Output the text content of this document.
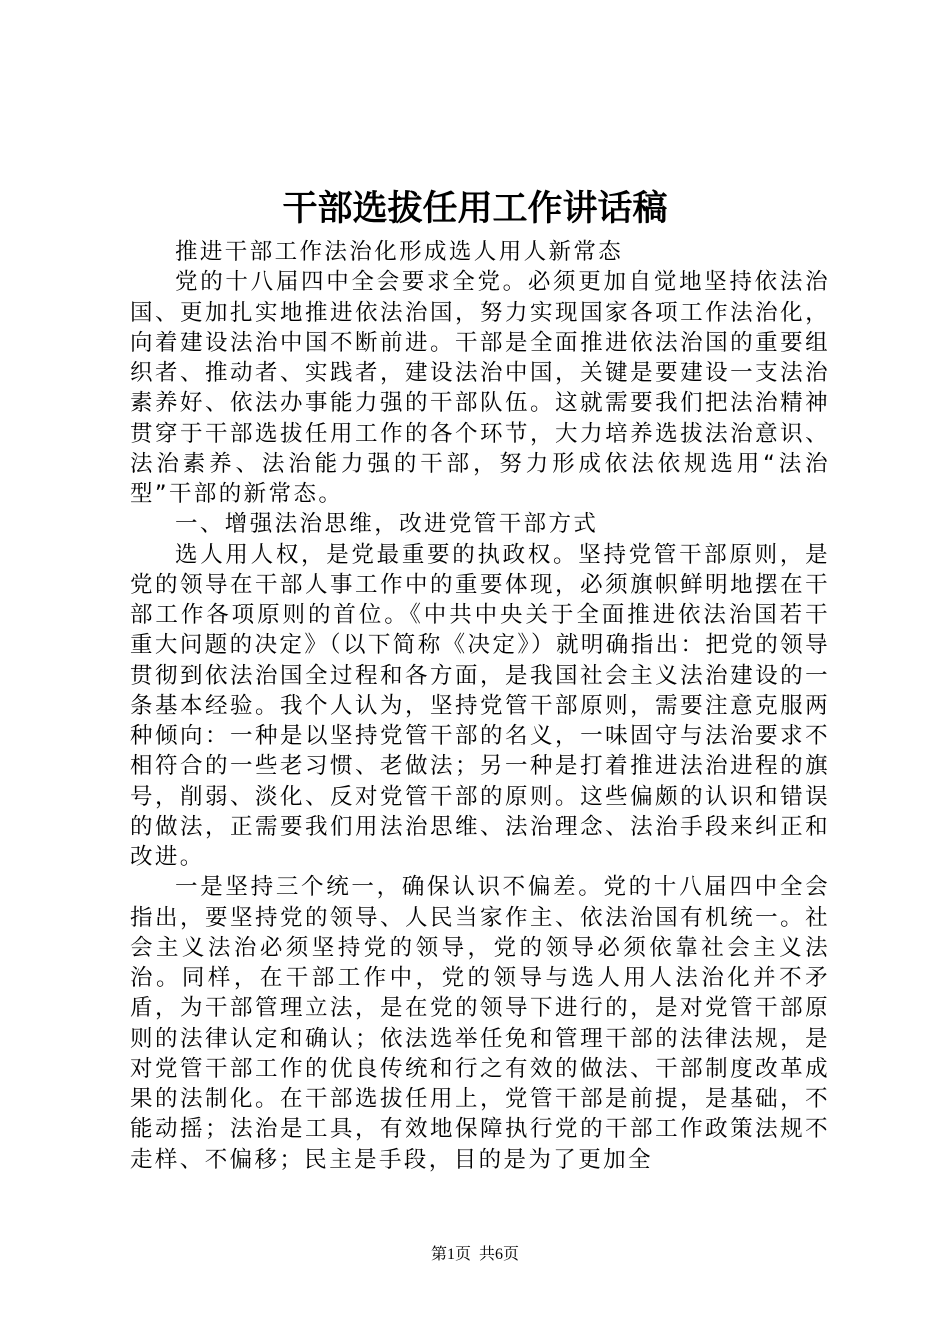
干部选拔任用工作讲话稿

推进干部工作法治化形成选人用人新常态

党的十八届四中全会要求全党。必须更加自觉地坚持依法治国、更加扎实地推进依法治国，努力实现国家各项工作法治化，向着建设法治中国不断前进。干部是全面推进依法治国的重要组织者、推动者、实践者，建设法治中国，关键是要建设一支法治素养好、依法办事能力强的干部队伍。这就需要我们把法治精神贯穿于干部选拔任用工作的各个环节，大力培养选拔法治意识、法治素养、法治能力强的干部，努力形成依法依规选用“法治型”干部的新常态。

一、增强法治思维，改进党管干部方式

选人用人权，是党最重要的执政权。坚持党管干部原则，是党的领导在干部人事工作中的重要体现，必须旗帜鲜明地摆在干部工作各项原则的首位。《中共中央关于全面推进依法治国若干重大问题的决定》（以下简称《决定》）就明确指出：把党的领导贯彻到依法治国全过程和各方面，是我国社会主义法治建设的一条基本经验。我个人认为，坚持党管干部原则，需要注意克服两种倾向：一种是以坚持党管干部的名义，一味固守与法治要求不相符合的一些老习惯、老做法；另一种是打着推进法治进程的旗号，削弱、淡化、反对党管干部的原则。这些偏颇的认识和错误的做法，正需要我们用法治思维、法治理念、法治手段来纠正和改进。

一是坚持三个统一，确保认识不偏差。党的十八届四中全会指出，要坚持党的领导、人民当家作主、依法治国有机统一。社会主义法治必须坚持党的领导，党的领导必须依靠社会主义法治。同样，在干部工作中，党的领导与选人用人法治化并不矛盾，为干部管理立法，是在党的领导下进行的，是对党管干部原则的法律认定和确认；依法选举任免和管理干部的法律法规，是对党管干部工作的优良传统和行之有效的做法、干部制度改革成果的法制化。在干部选拔任用上，党管干部是前提，是基础，不能动摇；法治是工具，有效地保障执行党的干部工作政策法规不走样、不偏移；民主是手段，目的是为了更加全

第1页 共6页
